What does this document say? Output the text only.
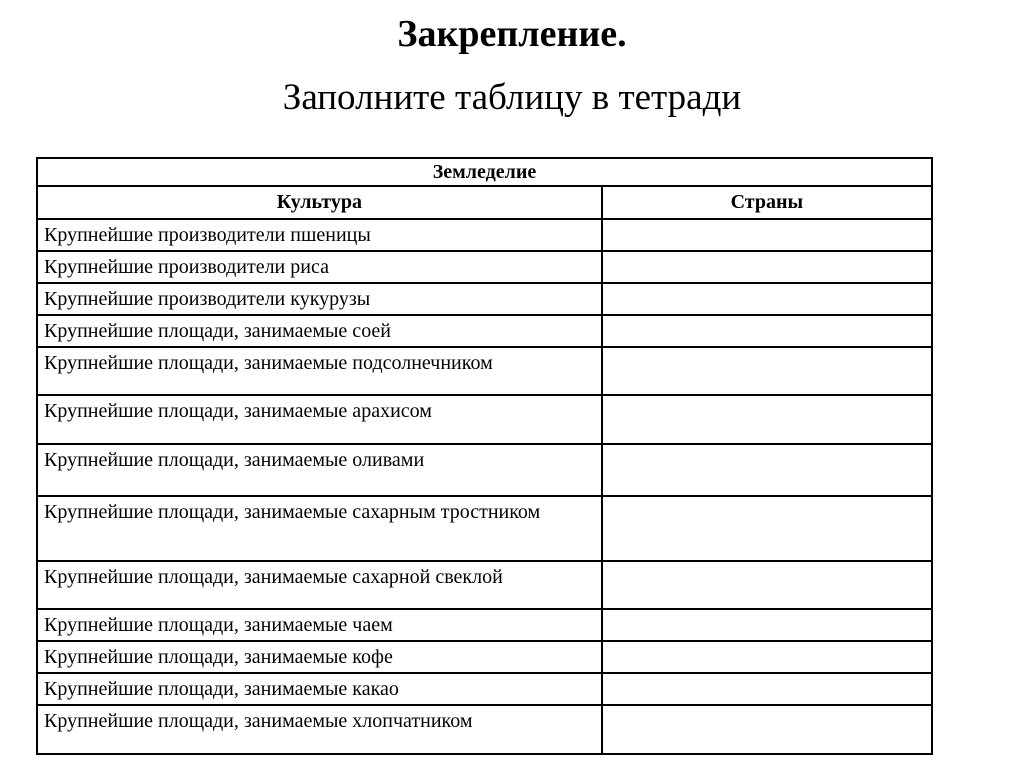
Закрепление.
Заполните таблицу в тетради
Земледелие	
Культура	Страны
Крупнейшие производители пшеницы	
Крупнейшие производители риса	
Крупнейшие производители кукурузы	
Крупнейшие площади, занимаемые соей	
Крупнейшие площади, занимаемые подсолнечником	
Крупнейшие площади, занимаемые арахисом	
Крупнейшие площади, занимаемые оливами	
Крупнейшие площади, занимаемые сахарным тростником	
Крупнейшие площади, занимаемые сахарной свеклой	
Крупнейшие площади, занимаемые чаем	
Крупнейшие площади, занимаемые кофе	
Крупнейшие площади, занимаемые какао	
Крупнейшие площади, занимаемые хлопчатником	
